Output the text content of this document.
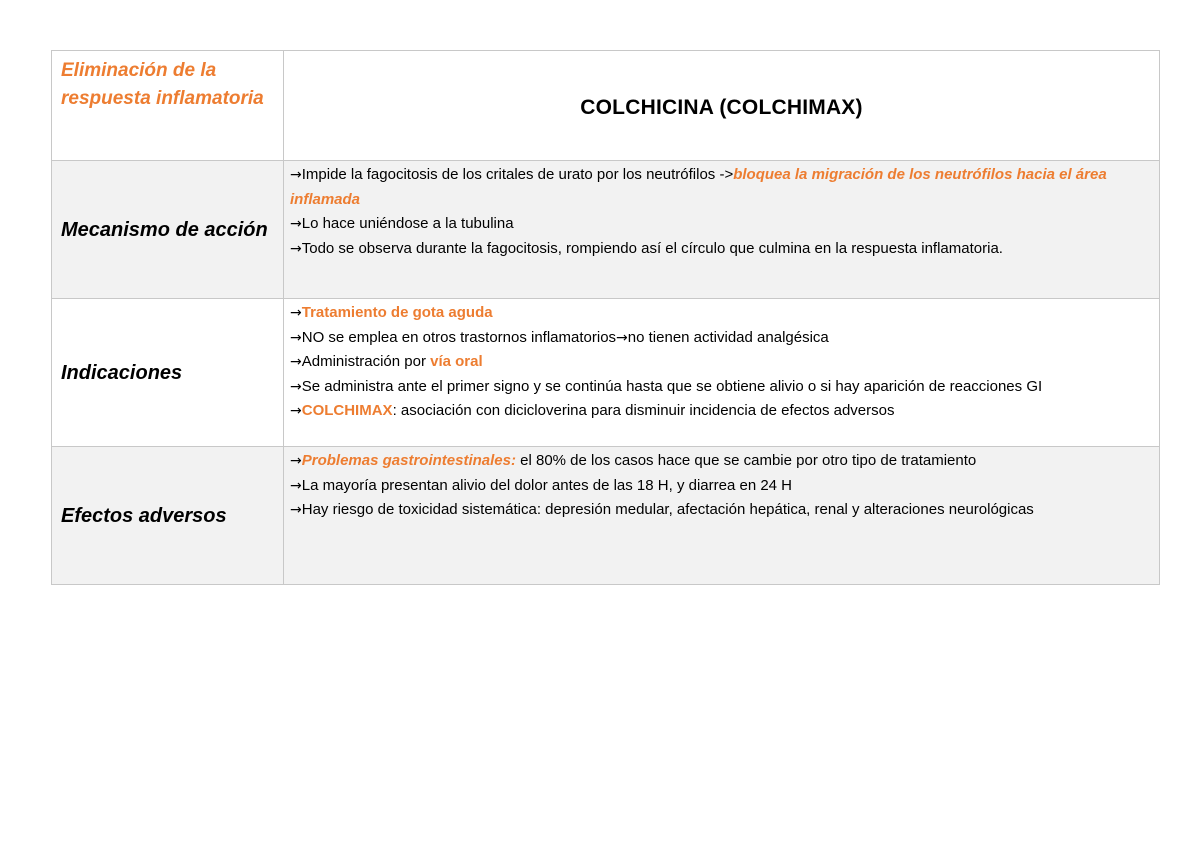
Eliminación de la respuesta inflamatoria	COLCHICINA (COLCHIMAX)
Mecanismo de acción	→Impide la fagocitosis de los critales de urato por los neutrófilos ->bloquea la migración de los neutrófilos hacia el área inflamada
→Lo hace uniéndose a la tubulina
→Todo se observa durante la fagocitosis, rompiendo así el círculo que culmina en la respuesta inflamatoria.

Indicaciones	→Tratamiento de gota aguda
→NO se emplea en otros trastornos inflamatorios→no tienen actividad analgésica
→Administración por vía oral
→Se administra ante el primer signo y se continúa hasta que se obtiene alivio o si hay aparición de reacciones GI
→COLCHIMAX: asociación con dicicloverina para disminuir incidencia de efectos adversos

Efectos adversos	→Problemas gastrointestinales: el 80% de los casos hace que se cambie por otro tipo de tratamiento
→La mayoría presentan alivio del dolor antes de las 18 H, y diarrea en 24 H
→Hay riesgo de toxicidad sistemática: depresión medular, afectación hepática, renal y alteraciones neurológicas
